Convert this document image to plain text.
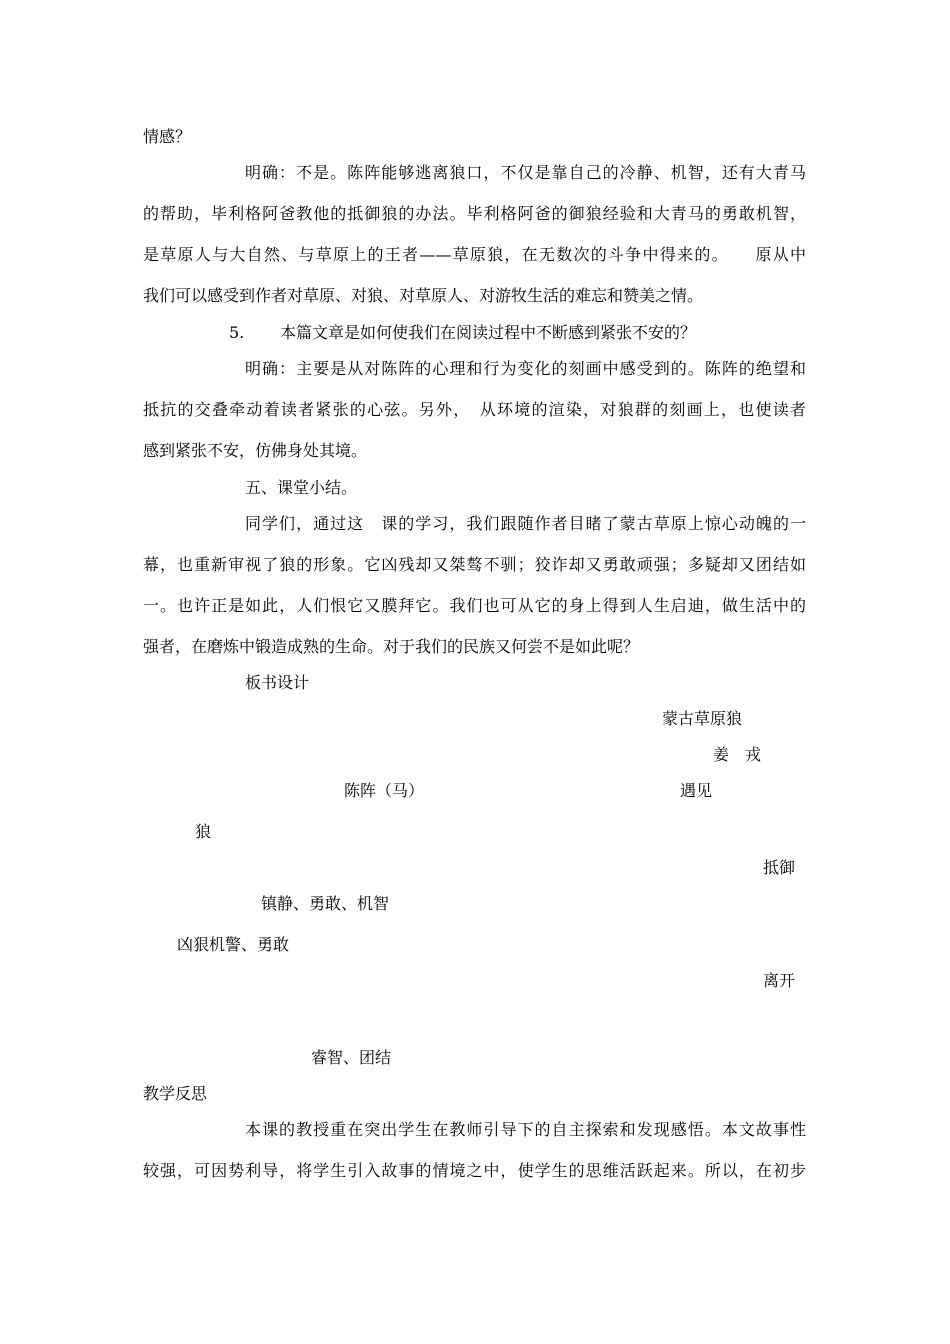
情感？
明确：不是。陈阵能够逃离狼口，不仅是靠自己的冷静、机智，还有大青马
的帮助，毕利格阿爸教他的抵御狼的办法。毕利格阿爸的御狼经验和大青马的勇敢机智，
是草原人与大自然、与草原上的王者——草原狼，在无数次的斗争中得来的。　　原从中
我们可以感受到作者对草原、对狼、对草原人、对游牧生活的难忘和赞美之情。
5. 本篇文章是如何使我们在阅读过程中不断感到紧张不安的？
明确：主要是从对陈阵的心理和行为变化的刻画中感受到的。陈阵的绝望和
抵抗的交叠牵动着读者紧张的心弦。另外，　从环境的渲染，对狼群的刻画上，也使读者
感到紧张不安，仿佛身处其境。
五、课堂小结。
同学们，通过这　课的学习，我们跟随作者目睹了蒙古草原上惊心动魄的一
幕，也重新审视了狼的形象。它凶残却又桀骜不驯；狡诈却又勇敢顽强；多疑却又团结如
一。也许正是如此，人们恨它又膜拜它。我们也可从它的身上得到人生启迪，做生活中的
强者，在磨炼中锻造成熟的生命。对于我们的民族又何尝不是如此呢？
板书设计
蒙古草原狼
姜　戎
陈阵（马）	遇见
狼
抵御
镇静、勇敢、机智
凶狠机警、勇敢
离开
睿智、团结
教学反思
本课的教授重在突出学生在教师引导下的自主探索和发现感悟。本文故事性
较强，可因势利导，将学生引入故事的情境之中，使学生的思维活跃起来。所以，在初步
